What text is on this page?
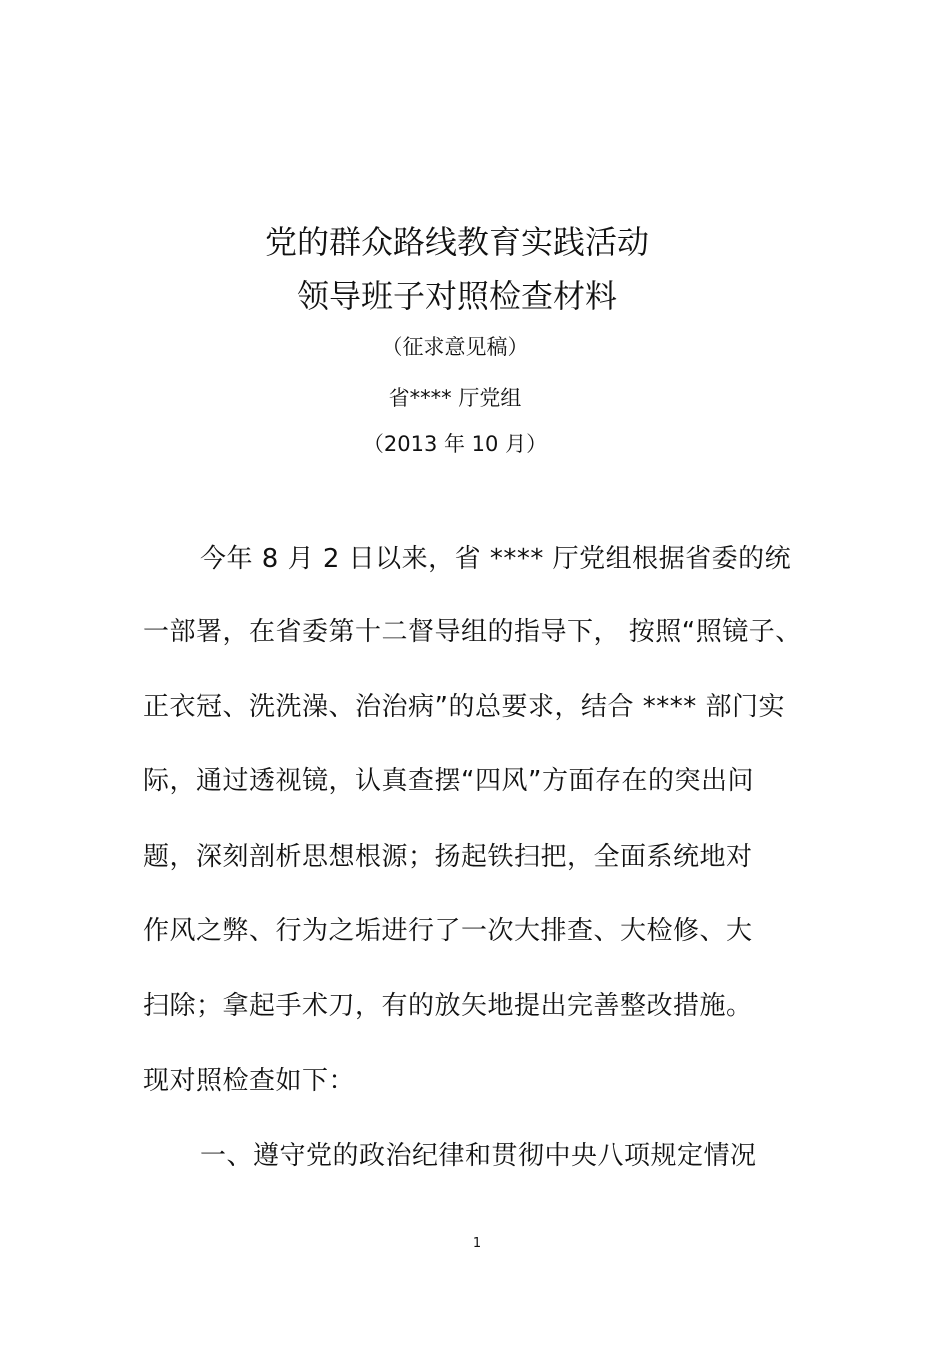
党的群众路线教育实践活动
领导班子对照检查材料
（征求意见稿）
省**** 厅党组
（2013 年 10 月）
今年 8 月 2 日以来，省 **** 厅党组根据省委的统
一部署，在省委第十二督导组的指导下， 按照“照镜子、
正衣冠、洗洗澡、治治病”的总要求，结合 **** 部门实
际，通过透视镜，认真查摆“四风”方面存在的突出问
题，深刻剖析思想根源；扬起铁扫把，全面系统地对
作风之弊、行为之垢进行了一次大排查、大检修、大
扫除；拿起手术刀，有的放矢地提出完善整改措施。
现对照检查如下：
一、遵守党的政治纪律和贯彻中央八项规定情况
1
